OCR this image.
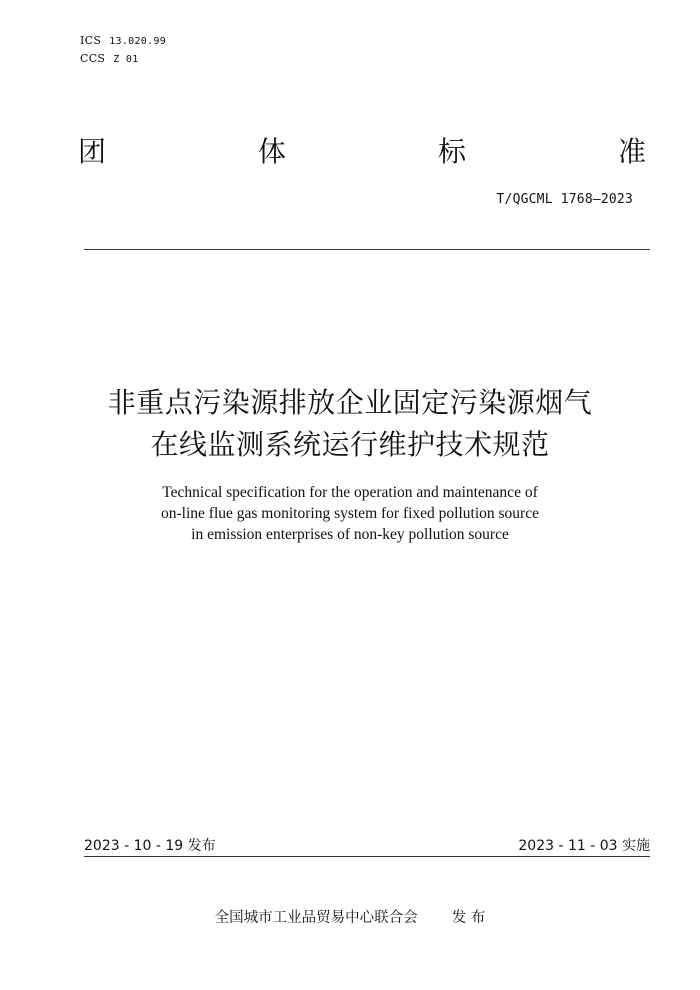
ICS 13.020.99
CCS Z 01
团	体	标	准
T/QGCML 1768—2023
非重点污染源排放企业固定污染源烟气
在线监测系统运行维护技术规范
Technical specification for the operation and maintenance of
on-line flue gas monitoring system for fixed pollution source
in emission enterprises of non-key pollution source
2023 - 10 - 19 发布	2023 - 11 - 03 实施
全国城市工业品贸易中心联合会 发 布
